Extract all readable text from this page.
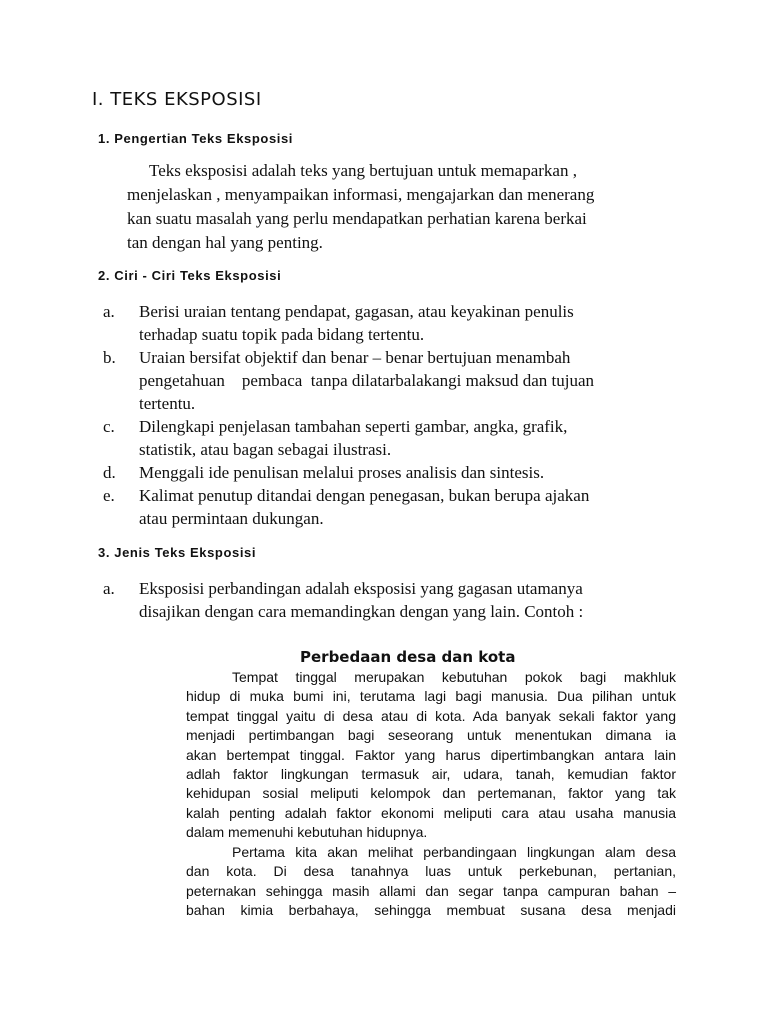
I. TEKS EKSPOSISI
1. Pengertian Teks Eksposisi
Teks eksposisi adalah teks yang bertujuan untuk memaparkan ,
menjelaskan , menyampaikan informasi, mengajarkan dan menerang
kan suatu masalah yang perlu mendapatkan perhatian karena berkai
tan dengan hal yang penting.
2. Ciri - Ciri Teks Eksposisi
a. Berisi uraian tentang pendapat, gagasan, atau keyakinan penulis
terhadap suatu topik pada bidang tertentu.
b. Uraian bersifat objektif dan benar – benar bertujuan menambah
pengetahuan    pembaca  tanpa dilatarbalakangi maksud dan tujuan
tertentu.
c. Dilengkapi penjelasan tambahan seperti gambar, angka, grafik,
statistik, atau bagan sebagai ilustrasi.
d. Menggali ide penulisan melalui proses analisis dan sintesis.
e. Kalimat penutup ditandai dengan penegasan, bukan berupa ajakan
atau permintaan dukungan.
3. Jenis Teks Eksposisi
a. Eksposisi perbandingan adalah eksposisi yang gagasan utamanya
disajikan dengan cara memandingkan dengan yang lain. Contoh :
Perbedaan desa dan kota
Tempat tinggal merupakan kebutuhan pokok bagi makhluk
hidup di muka bumi ini, terutama lagi bagi manusia. Dua pilihan untuk
tempat tinggal yaitu di desa atau di kota. Ada banyak sekali faktor yang
menjadi pertimbangan bagi seseorang untuk menentukan dimana ia
akan bertempat tinggal. Faktor yang harus dipertimbangkan antara lain
adlah faktor lingkungan termasuk air, udara, tanah, kemudian faktor
kehidupan sosial meliputi kelompok dan pertemanan, faktor yang tak
kalah penting adalah faktor ekonomi meliputi cara atau usaha manusia
dalam memenuhi kebutuhan hidupnya.
Pertama kita akan melihat perbandingaan lingkungan alam desa
dan kota. Di desa tanahnya luas untuk perkebunan, pertanian,
peternakan sehingga masih allami dan segar tanpa campuran bahan –
bahan kimia berbahaya, sehingga membuat susana desa menjadi
